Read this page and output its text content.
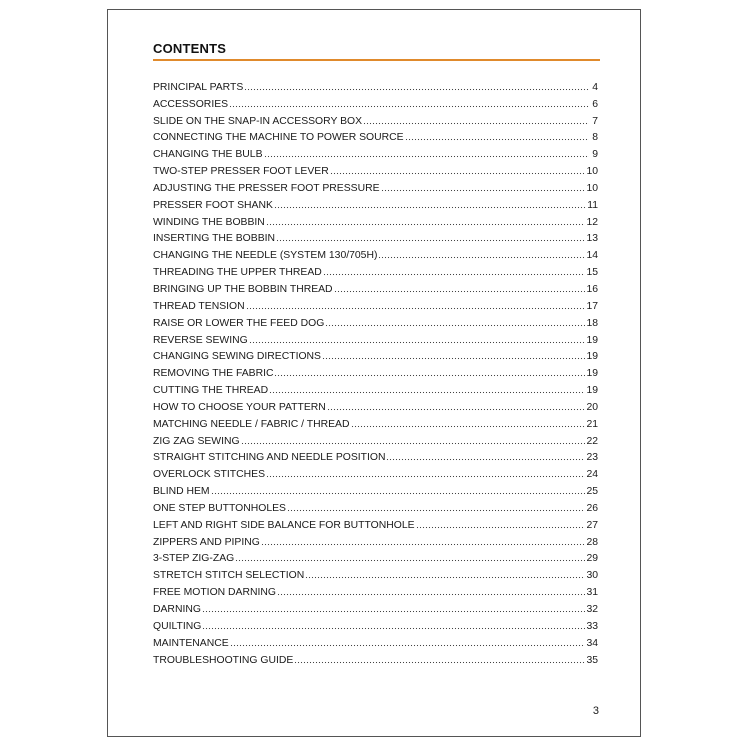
CONTENTS
PRINCIPAL PARTS	4
ACCESSORIES	6
SLIDE ON THE SNAP-IN ACCESSORY BOX	7
CONNECTING THE MACHINE TO POWER SOURCE	8
CHANGING THE BULB	9
TWO-STEP PRESSER FOOT LEVER	10
ADJUSTING THE PRESSER FOOT PRESSURE	10
PRESSER FOOT SHANK	11
WINDING THE BOBBIN	12
INSERTING THE BOBBIN	13
CHANGING THE NEEDLE (SYSTEM 130/705H)	14
THREADING THE UPPER THREAD	15
BRINGING UP THE BOBBIN THREAD	16
THREAD TENSION	17
RAISE OR LOWER THE FEED DOG	18
REVERSE SEWING	19
CHANGING SEWING DIRECTIONS	19
REMOVING THE FABRIC	19
CUTTING THE THREAD	19
HOW TO CHOOSE YOUR PATTERN	20
MATCHING NEEDLE / FABRIC / THREAD	21
ZIG ZAG SEWING	22
STRAIGHT STITCHING AND NEEDLE POSITION	23
OVERLOCK STITCHES	24
BLIND HEM	25
ONE STEP BUTTONHOLES	26
LEFT AND RIGHT SIDE BALANCE FOR BUTTONHOLE	27
ZIPPERS AND PIPING	28
3-STEP ZIG-ZAG	29
STRETCH STITCH SELECTION	30
FREE MOTION DARNING	31
DARNING	32
QUILTING	33
MAINTENANCE	34
TROUBLESHOOTING GUIDE	35
3
